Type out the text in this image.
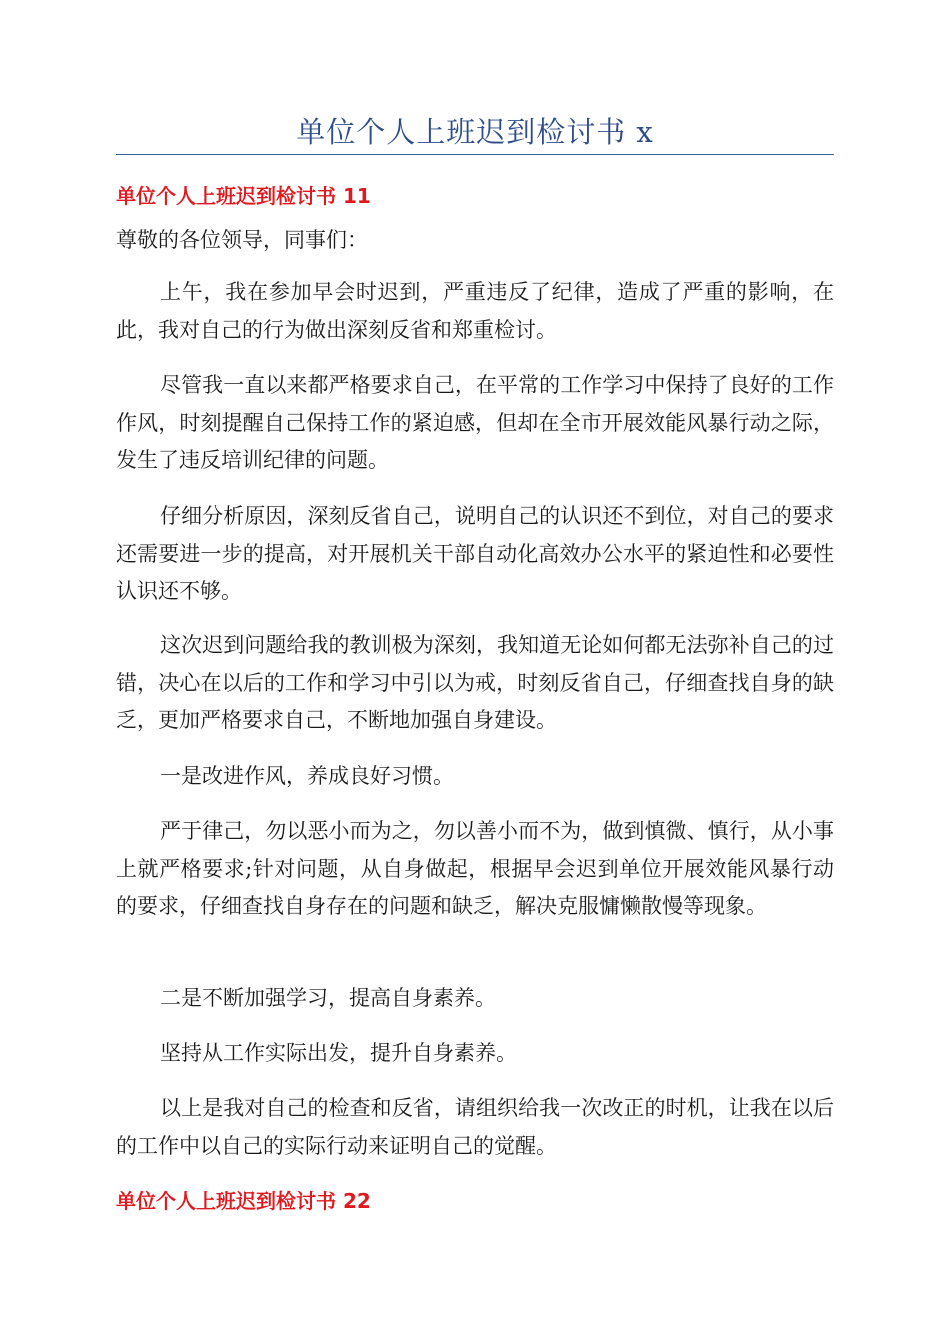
单位个人上班迟到检讨书 x
单位个人上班迟到检讨书 11

尊敬的各位领导，同事们：

上午，我在参加早会时迟到，严重违反了纪律，造成了严重的影响，在此，我对自己的行为做出深刻反省和郑重检讨。

尽管我一直以来都严格要求自己，在平常的工作学习中保持了良好的工作作风，时刻提醒自己保持工作的紧迫感，但却在全市开展效能风暴行动之际，发生了违反培训纪律的问题。

仔细分析原因，深刻反省自己，说明自己的认识还不到位，对自己的要求还需要进一步的提高，对开展机关干部自动化高效办公水平的紧迫性和必要性认识还不够。

这次迟到问题给我的教训极为深刻，我知道无论如何都无法弥补自己的过错，决心在以后的工作和学习中引以为戒，时刻反省自己，仔细查找自身的缺乏，更加严格要求自己，不断地加强自身建设。

一是改进作风，养成良好习惯。

严于律己，勿以恶小而为之，勿以善小而不为，做到慎微、慎行，从小事上就严格要求;针对问题，从自身做起，根据早会迟到单位开展效能风暴行动的要求，仔细查找自身存在的问题和缺乏，解决克服慵懒散慢等现象。

二是不断加强学习，提高自身素养。

坚持从工作实际出发，提升自身素养。

以上是我对自己的检查和反省，请组织给我一次改正的时机，让我在以后的工作中以自己的实际行动来证明自己的觉醒。

单位个人上班迟到检讨书 22
